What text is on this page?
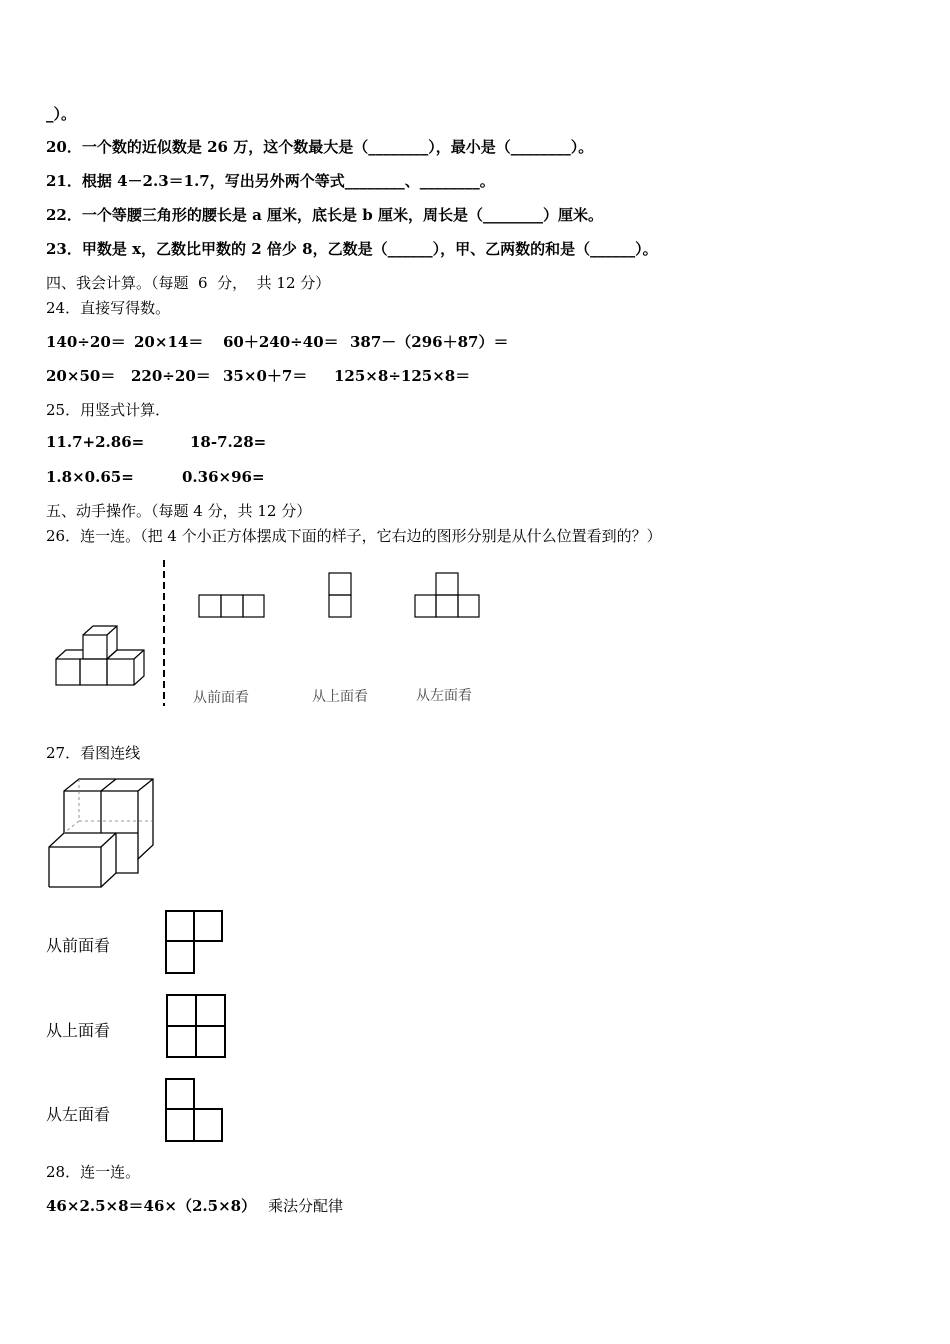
_）。

20．一个数的近似数是 26 万，这个数最大是（________），最小是（________）。

21．根据 4－2.3＝1.7，写出另外两个等式________、________。

22．一个等腰三角形的腰长是 a 厘米，底长是 b 厘米，周长是（________）厘米。

23．甲数是 x，乙数比甲数的 2 倍少 8，乙数是（______），甲、乙两数的和是（______）。

四、我会计算。（每题  6  分，  共 12 分）

24．直接写得数。

140÷20＝ 20×14＝ 60＋240÷40＝ 387－（296＋87）＝
20×50＝ 220÷20＝ 35×0＋7＝ 125×8÷125×8＝

25．用竖式计算．

11.7+2.86=	18-7.28=
1.8×0.65=	0.36×96=

五、动手操作。（每题 4 分，共 12 分）

26．连一连。（把 4 个小正方体摆成下面的样子，它右边的图形分别是从什么位置看到的？）

从前面看	从上面看	从左面看

27．看图连线

从前面看
从上面看
从左面看

28．连一连。

46×2.5×8＝46×（2.5×8） 乘法分配律
